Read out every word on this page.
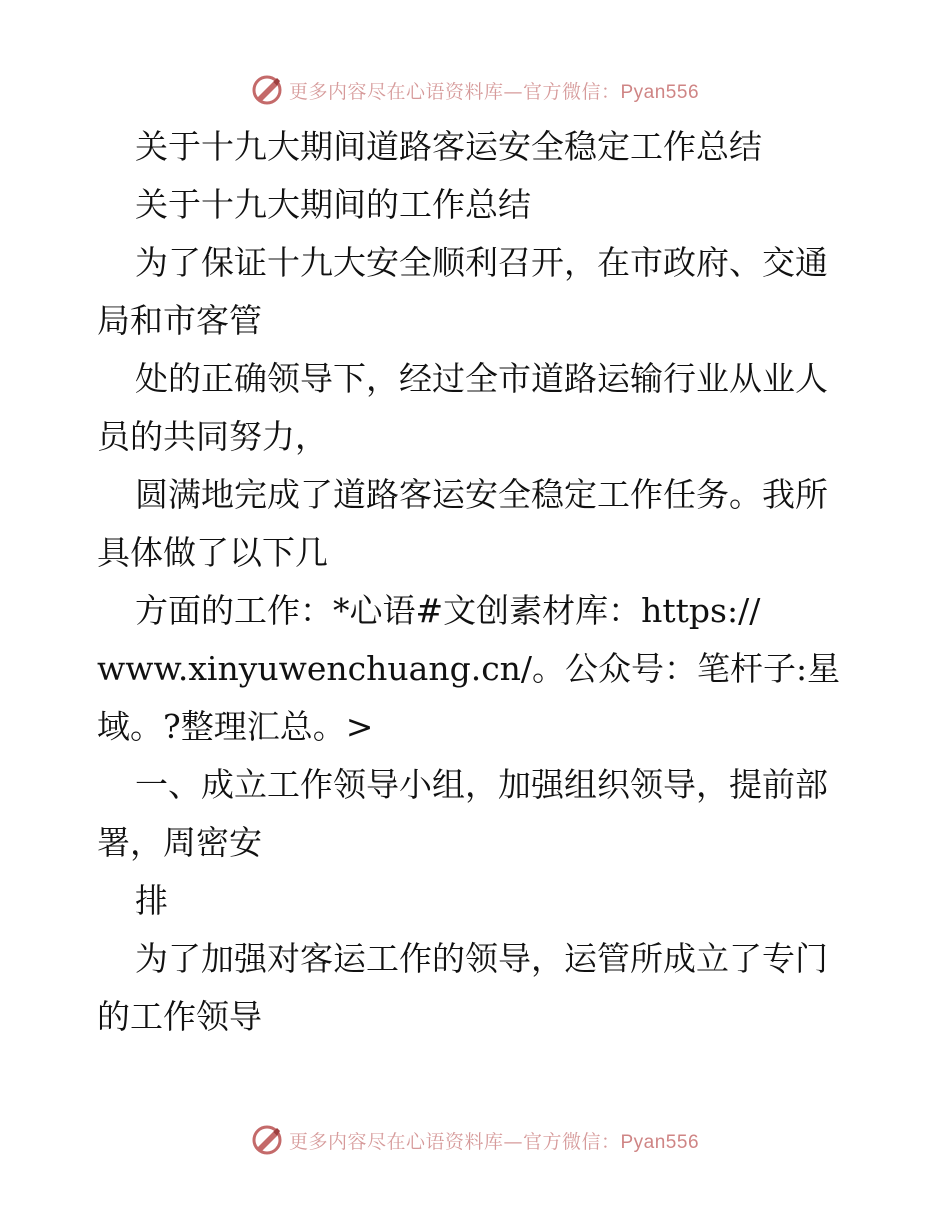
更多内容尽在心语资料库—官方微信：Pyan556
关于十九大期间道路客运安全稳定工作总结
关于十九大期间的工作总结
为了保证十九大安全顺利召开，在市政府、交通
局和市客管
处的正确领导下，经过全市道路运输行业从业人
员的共同努力，
圆满地完成了道路客运安全稳定工作任务。我所
具体做了以下几
方面的工作：*心语#文创素材库：https://
www.xinyuwenchuang.cn/。公众号：笔杆子:星
域。?整理汇总。>
一、成立工作领导小组，加强组织领导，提前部
署，周密安
排
为了加强对客运工作的领导，运管所成立了专门
的工作领导
更多内容尽在心语资料库—官方微信：Pyan556
